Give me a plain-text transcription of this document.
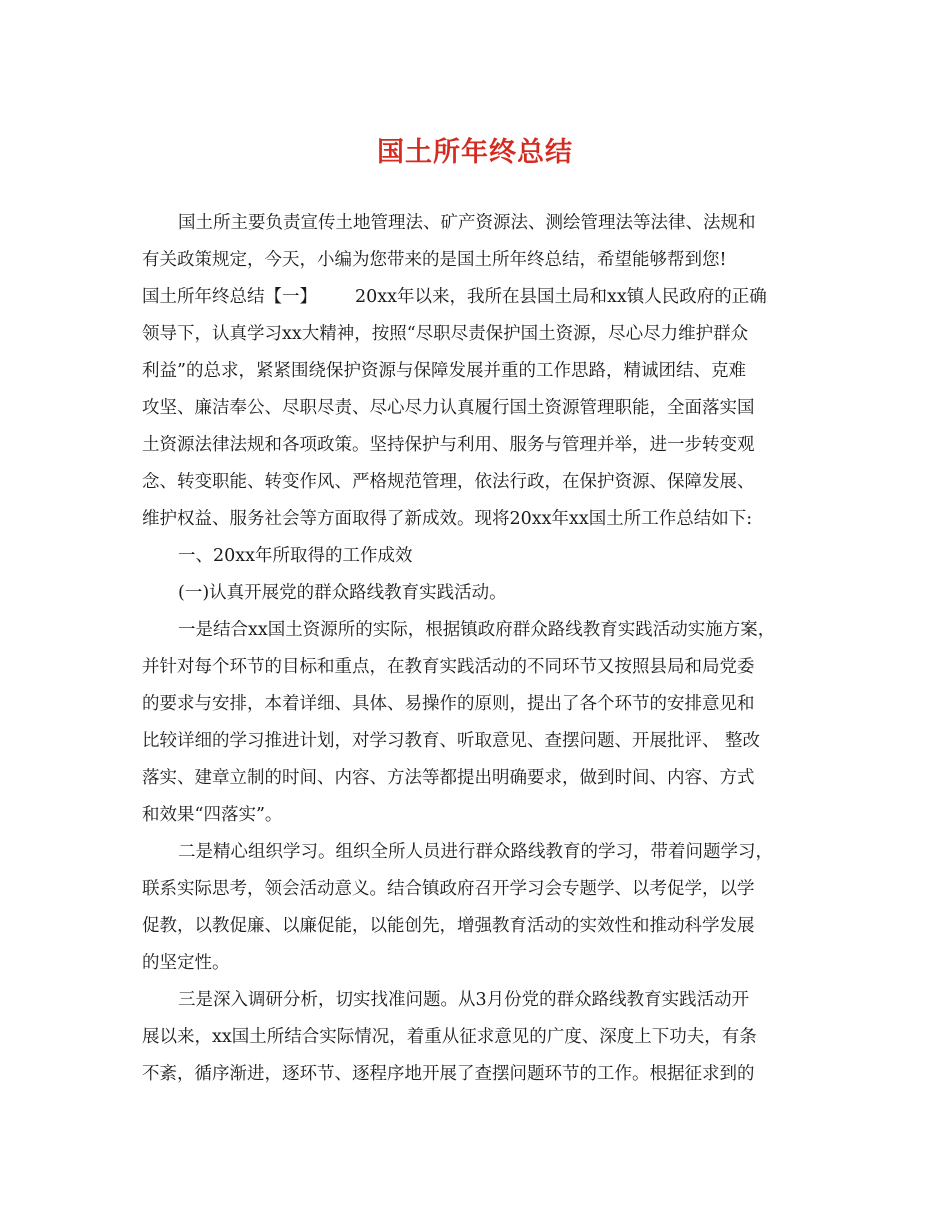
国土所年终总结
国土所主要负责宣传土地管理法、矿产资源法、测绘管理法等法律、法规和
有关政策规定，今天，小编为您带来的是国土所年终总结，希望能够帮到您!
国土所年终总结【一】 20xx年以来，我所在县国土局和xx镇人民政府的正确
领导下，认真学习xx大精神，按照“尽职尽责保护国土资源，尽心尽力维护群众
利益”的总求，紧紧围绕保护资源与保障发展并重的工作思路，精诚团结、克难
攻坚、廉洁奉公、尽职尽责、尽心尽力认真履行国土资源管理职能，全面落实国
土资源法律法规和各项政策。坚持保护与利用、服务与管理并举，进一步转变观
念、转变职能、转变作风、严格规范管理，依法行政，在保护资源、保障发展、
维护权益、服务社会等方面取得了新成效。现将20xx年xx国土所工作总结如下:
一、20xx年所取得的工作成效
(一)认真开展党的群众路线教育实践活动。
一是结合xx国土资源所的实际，根据镇政府群众路线教育实践活动实施方案，
并针对每个环节的目标和重点，在教育实践活动的不同环节又按照县局和局党委
的要求与安排，本着详细、具体、易操作的原则，提出了各个环节的安排意见和
比较详细的学习推进计划，对学习教育、听取意见、查摆问题、开展批评、 整改
落实、建章立制的时间、内容、方法等都提出明确要求，做到时间、内容、方式
和效果“四落实”。
二是精心组织学习。组织全所人员进行群众路线教育的学习，带着问题学习，
联系实际思考，领会活动意义。结合镇政府召开学习会专题学、以考促学，以学
促教，以教促廉、以廉促能，以能创先，增强教育活动的实效性和推动科学发展
的坚定性。
三是深入调研分析，切实找准问题。从3月份党的群众路线教育实践活动开
展以来，xx国土所结合实际情况，着重从征求意见的广度、深度上下功夫，有条
不紊，循序渐进，逐环节、逐程序地开展了查摆问题环节的工作。根据征求到的
